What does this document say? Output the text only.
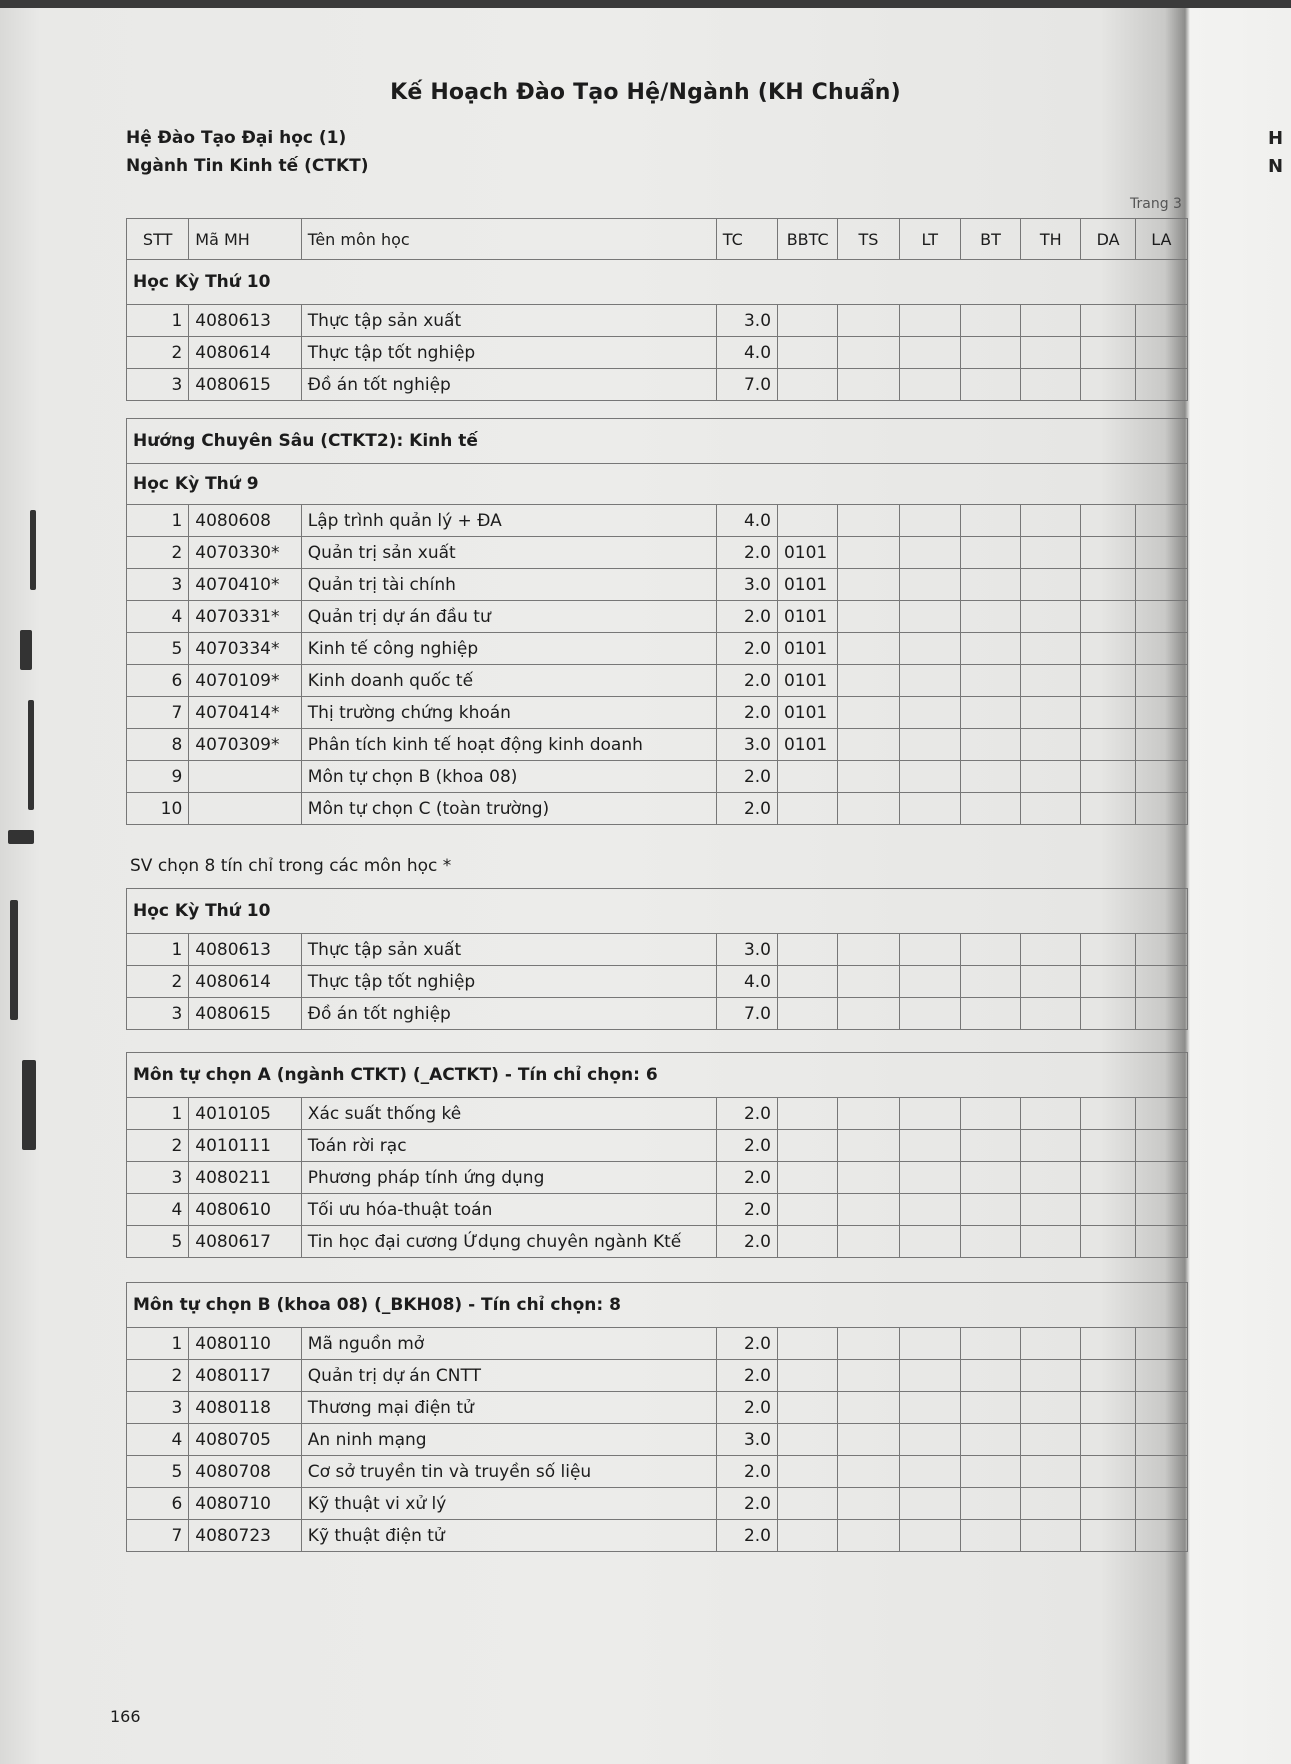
Kế Hoạch Đào Tạo Hệ/Ngành (KH Chuẩn)
Hệ Đào Tạo Đại học (1)
Ngành Tin Kinh tế (CTKT)
Trang 3
STT	Mã MH	Tên môn học	TC	BBTC	TS	LT	BT	TH	DA	LA
Học Kỳ Thứ 10										
1	4080613	Thực tập sản xuất	3.0							
2	4080614	Thực tập tốt nghiệp	4.0							
3	4080615	Đồ án tốt nghiệp	7.0							
Hướng Chuyên Sâu (CTKT2): Kinh tế										
Học Kỳ Thứ 9										
1	4080608	Lập trình quản lý + ĐA	4.0							
2	4070330*	Quản trị sản xuất	2.0	0101						
3	4070410*	Quản trị tài chính	3.0	0101						
4	4070331*	Quản trị dự án đầu tư	2.0	0101						
5	4070334*	Kinh tế công nghiệp	2.0	0101						
6	4070109*	Kinh doanh quốc tế	2.0	0101						
7	4070414*	Thị trường chứng khoán	2.0	0101						
8	4070309*	Phân tích kinh tế hoạt động kinh doanh	3.0	0101						
9		Môn tự chọn B (khoa 08)	2.0							
10		Môn tự chọn C (toàn trường)	2.0							
SV chọn 8 tín chỉ trong các môn học *
Học Kỳ Thứ 10										
1	4080613	Thực tập sản xuất	3.0							
2	4080614	Thực tập tốt nghiệp	4.0							
3	4080615	Đồ án tốt nghiệp	7.0							
Môn tự chọn A (ngành CTKT) (_ACTKT) - Tín chỉ chọn: 6										
1	4010105	Xác suất thống kê	2.0							
2	4010111	Toán rời rạc	2.0							
3	4080211	Phương pháp tính ứng dụng	2.0							
4	4080610	Tối ưu hóa-thuật toán	2.0							
5	4080617	Tin học đại cương Ứdụng chuyên ngành Ktế	2.0							
Môn tự chọn B (khoa 08) (_BKH08) - Tín chỉ chọn: 8										
1	4080110	Mã nguồn mở	2.0							
2	4080117	Quản trị dự án CNTT	2.0							
3	4080118	Thương mại điện tử	2.0							
4	4080705	An ninh mạng	3.0							
5	4080708	Cơ sở truyền tin và truyền số liệu	2.0							
6	4080710	Kỹ thuật vi xử lý	2.0							
7	4080723	Kỹ thuật điện tử	2.0							
166
H
N
